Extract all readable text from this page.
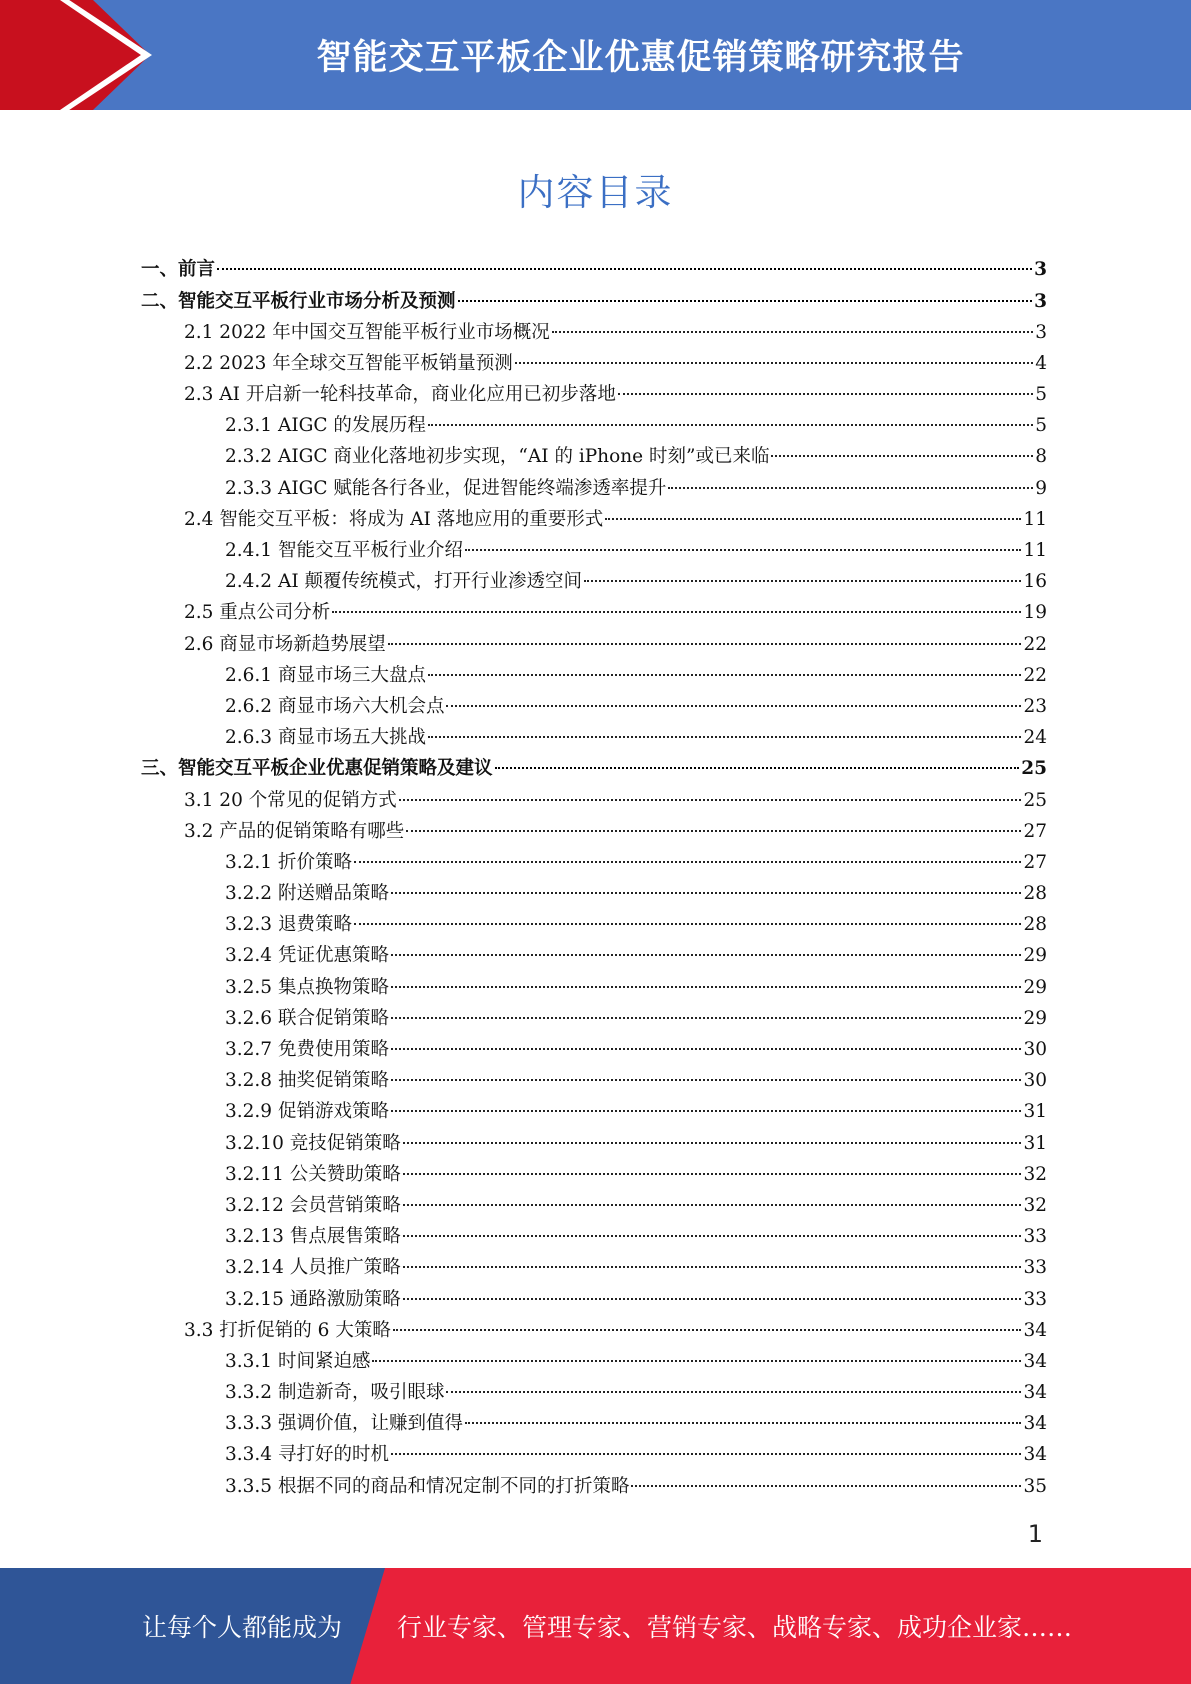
智能交互平板企业优惠促销策略研究报告
内容目录
一、前言	3
二、智能交互平板行业市场分析及预测	3
2.1 2022 年中国交互智能平板行业市场概况	3
2.2 2023 年全球交互智能平板销量预测	4
2.3 AI 开启新一轮科技革命，商业化应用已初步落地	5
2.3.1 AIGC 的发展历程	5
2.3.2 AIGC 商业化落地初步实现，“AI 的 iPhone 时刻”或已来临	8
2.3.3 AIGC 赋能各行各业，促进智能终端渗透率提升	9
2.4 智能交互平板：将成为 AI 落地应用的重要形式	11
2.4.1 智能交互平板行业介绍	11
2.4.2 AI 颠覆传统模式，打开行业渗透空间	16
2.5 重点公司分析	19
2.6 商显市场新趋势展望	22
2.6.1 商显市场三大盘点	22
2.6.2 商显市场六大机会点	23
2.6.3 商显市场五大挑战	24
三、智能交互平板企业优惠促销策略及建议	25
3.1 20 个常见的促销方式	25
3.2 产品的促销策略有哪些	27
3.2.1 折价策略	27
3.2.2 附送赠品策略	28
3.2.3 退费策略	28
3.2.4 凭证优惠策略	29
3.2.5 集点换物策略	29
3.2.6 联合促销策略	29
3.2.7 免费使用策略	30
3.2.8 抽奖促销策略	30
3.2.9 促销游戏策略	31
3.2.10 竞技促销策略	31
3.2.11 公关赞助策略	32
3.2.12 会员营销策略	32
3.2.13 售点展售策略	33
3.2.14 人员推广策略	33
3.2.15 通路激励策略	33
3.3 打折促销的 6 大策略	34
3.3.1 时间紧迫感	34
3.3.2 制造新奇，吸引眼球	34
3.3.3 强调价值，让赚到值得	34
3.3.4 寻打好的时机	34
3.3.5 根据不同的商品和情况定制不同的打折策略	35
1
让每个人都能成为 行业专家、管理专家、营销专家、战略专家、成功企业家……
